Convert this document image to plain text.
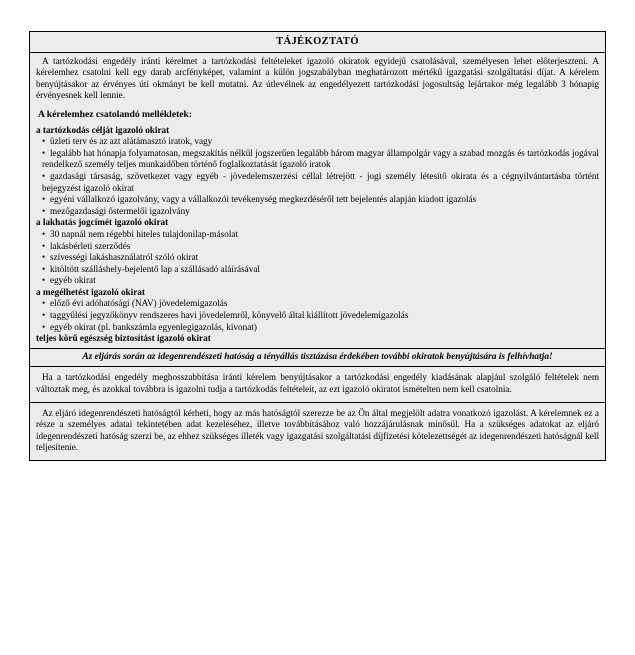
TÁJÉKOZTATÓ

A tartózkodási engedély iránti kérelmet a tartózkodási feltételeket igazoló okiratok egyidejű csatolásával, személyesen lehet előterjeszteni. A kérelemhez csatolni kell egy darab arcfényképet, valamint a külön jogszabályban meghatározott mértékű igazgatási szolgáltatási díjat. A kérelem benyújtásakor az érvényes úti okmányt be kell mutatni. Az útlevélnek az engedélyezett tartózkodási jogosultság lejártakor még legalább 3 hónapig érvényesnek kell lennie.

A kérelemhez csatolandó mellékletek:
a tartózkodás célját igazoló okirat
• üzleti terv és az azt alátámasztó iratok, vagy
• legalább hat hónapja folyamatosan, megszakítás nélkül jogszerűen legalább három magyar állampolgár vagy a szabad mozgás és tartózkodás jogával rendelkező személy teljes munkaidőben történő foglalkoztatását igazoló iratok
• gazdasági társaság, szövetkezet vagy egyéb - jövedelemszerzési céllal létrejött - jogi személy létesítő okirata és a cégnyilvántartásba történt bejegyzést igazoló okirat
• egyéni vállalkozó igazolvány, vagy a vállalkozói tevékenység megkezdéséről tett bejelentés alapján kiadott igazolás
• mezőgazdasági őstermelői igazolvány
a lakhatás jogcímét igazoló okirat
• 30 napnál nem régebbi hiteles tulajdonilap-másolat
• lakásbérleti szerződés
• szívességi lakáshasználatról szóló okirat
• kitöltött szálláshely-bejelentő lap a szállásadó aláírásával
• egyéb okirat
a megélhetést igazoló okirat
• előző évi adóhatósági (NAV) jövedelemigazolás
• taggyűlési jegyzőkönyv rendszeres havi jövedelemről, könyvelő által kiállított jövedelemigazolás
• egyéb okirat (pl. bankszámla egyenlegigazolás, kivonat)
teljes körű egészség biztosítást igazoló okirat
Az eljárás során az idegenrendészeti hatóság a tényállás tisztázása érdekében további okiratok benyújtására is felhívhatja!

Ha a tartózkodási engedély meghosszabbítása iránti kérelem benyújtásakor a tartózkodási engedély kiadásának alapjául szolgáló feltételek nem változtak meg, és azokkal továbbra is igazolni tudja a tartózkodás feltételeit, az ezt igazoló okiratot ismételten nem kell csatolnia.

Az eljáró idegenrendészeti hatóságtól kérheti, hogy az más hatóságtól szerezze be az Ön által megjelölt adatra vonatkozó igazolást. A kérelemnek ez a része a személyes adatai tekintetében adat kezeléséhez, illetve továbbításához való hozzájárulásnak minősül. Ha a szükséges adatokat az eljáró idegenrendészeti hatóság szerzi be, az ehhez szükséges illeték vagy igazgatási szolgáltatási díjfizetési kötelezettségét az idegenrendészeti hatóságnál kell teljesítenie.
